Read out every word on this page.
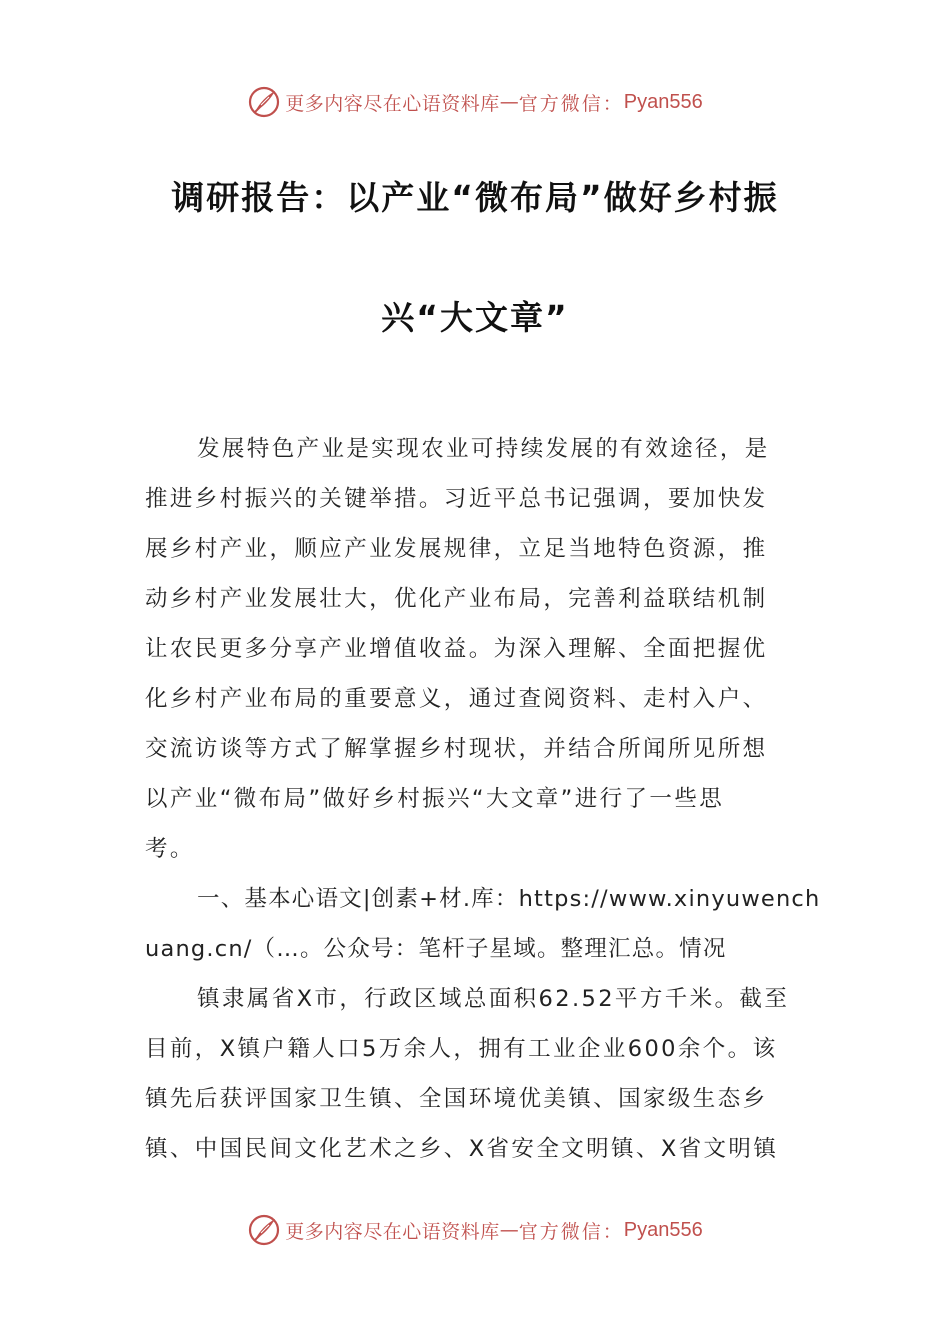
更多内容尽在心语资料库 — 官方微信： Pyan556
调研报告：以产业“微布局”做好乡村振
兴“大文章”
发展特色产业是实现农业可持续发展的有效途径，是
推进乡村振兴的关键举措。习近平总书记强调，要加快发
展乡村产业，顺应产业发展规律，立足当地特色资源，推
动乡村产业发展壮大，优化产业布局，完善利益联结机制
让农民更多分享产业增值收益。为深入理解、全面把握优
化乡村产业布局的重要意义，通过查阅资料、走村入户、
交流访谈等方式了解掌握乡村现状，并结合所闻所见所想
以产业“微布局”做好乡村振兴“大文章”进行了一些思
考。
一、基本心语文|创素+材.库：https://www.xinyuwench
uang.cn/（…。公众号：笔杆子星域。整理汇总。情况
镇隶属省X市，行政区域总面积62.52平方千米。截至
目前，X镇户籍人口5万余人，拥有工业企业600余个。该
镇先后获评国家卫生镇、全国环境优美镇、国家级生态乡
镇、中国民间文化艺术之乡、X省安全文明镇、X省文明镇
更多内容尽在心语资料库 — 官方微信： Pyan556
